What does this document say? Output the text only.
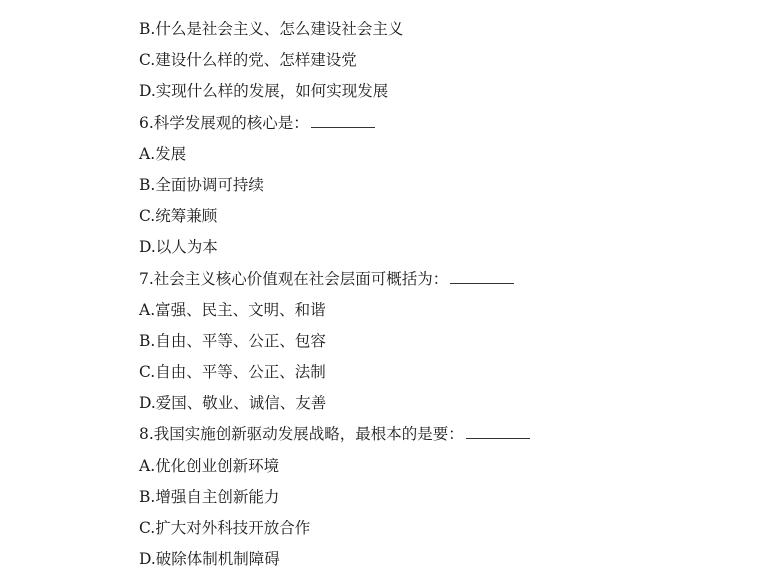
B.什么是社会主义、怎么建设社会主义
C.建设什么样的党、怎样建设党
D.实现什么样的发展，如何实现发展
6.科学发展观的核心是：
A.发展
B.全面协调可持续
C.统筹兼顾
D.以人为本
7.社会主义核心价值观在社会层面可概括为：
A.富强、民主、文明、和谐
B.自由、平等、公正、包容
C.自由、平等、公正、法制
D.爱国、敬业、诚信、友善
8.我国实施创新驱动发展战略，最根本的是要：
A.优化创业创新环境
B.增强自主创新能力
C.扩大对外科技开放合作
D.破除体制机制障碍
